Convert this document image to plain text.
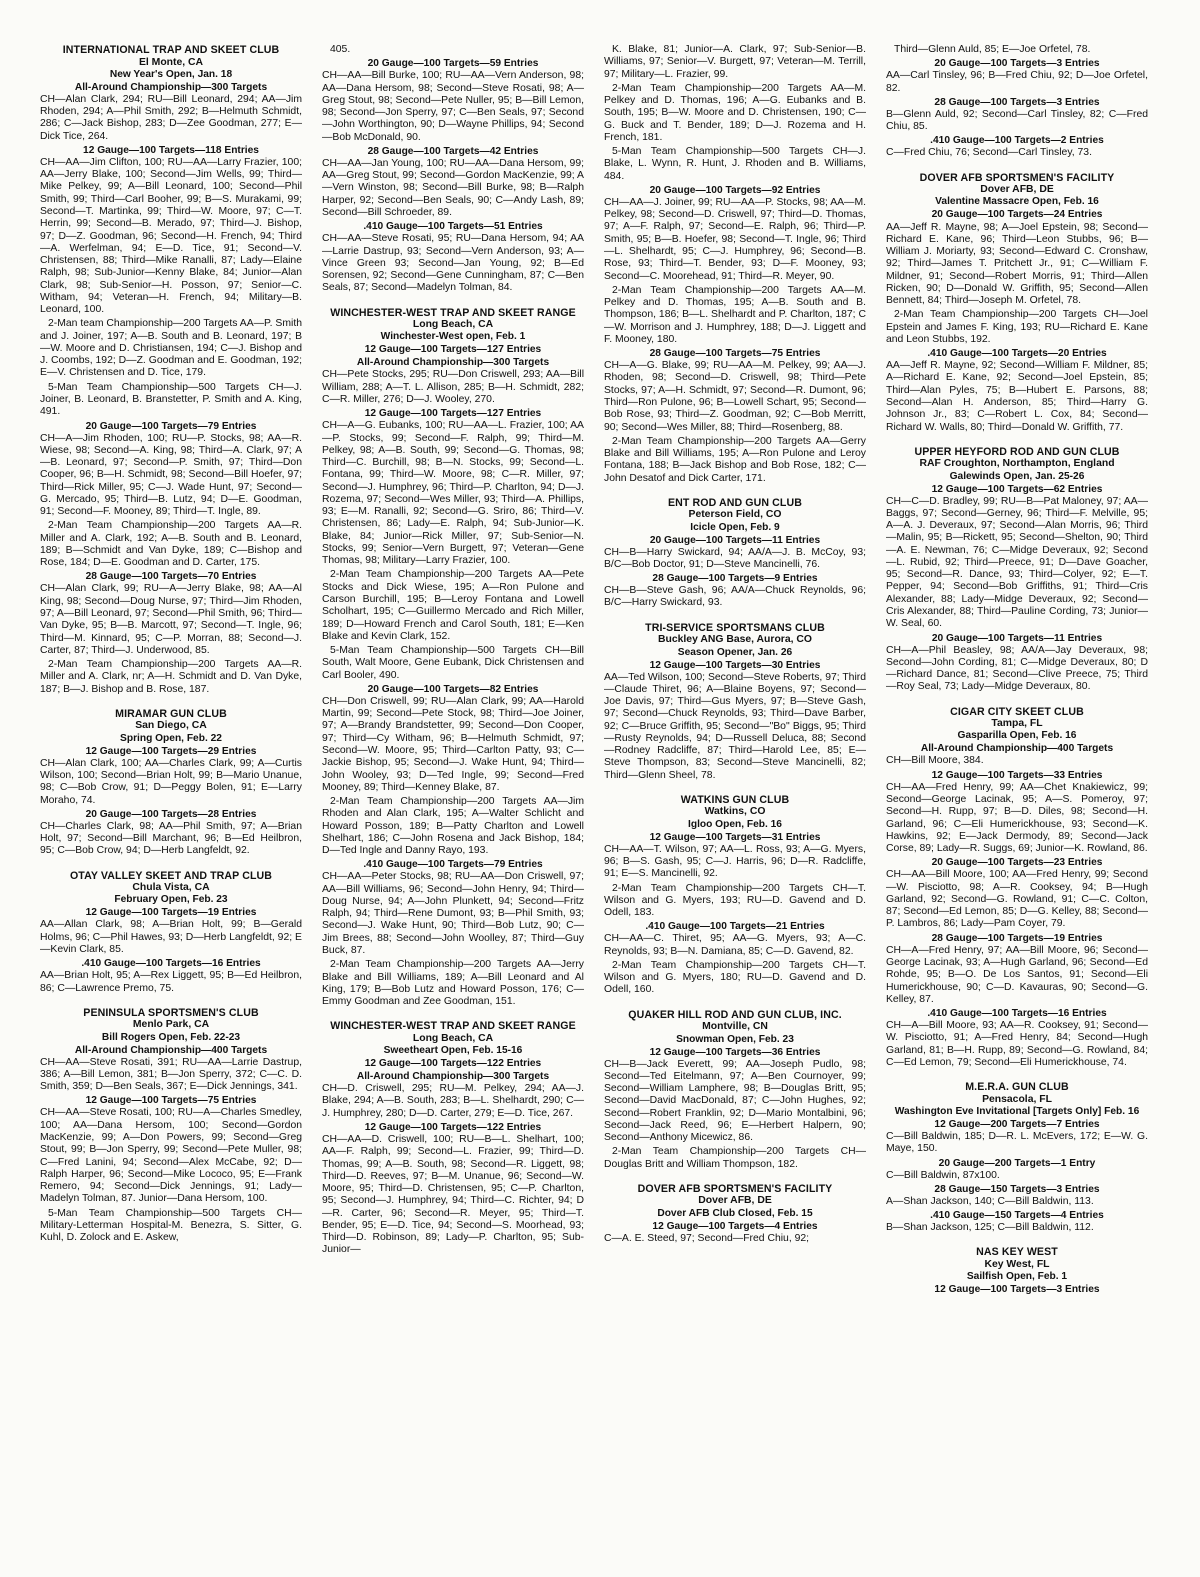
INTERNATIONAL TRAP AND SKEET CLUB
El Monte, CA
New Year's Open, Jan. 18
All-Around Championship—300 Targets
CH—Alan Clark, 294; RU—Bill Leonard, 294; AA—Jim Rhoden, 294; A—Phil Smith, 292; B—Helmuth Schmidt, 286; C—Jack Bishop, 283; D—Zee Goodman, 277; E—Dick Tice, 264.
12 Gauge—100 Targets—118 Entries
CH—AA—Jim Clifton, 100; RU—AA—Larry Frazier, 100; AA—Jerry Blake, 100; Second—Jim Wells, 99; Third—Mike Pelkey, 99; A—Bill Leonard, 100; Second—Phil Smith, 99; Third—Carl Booher, 99; B—S. Murakami, 99; Second—T. Martinka, 99; Third—W. Moore, 97; C—T. Herrin, 99; Second—B. Merado, 97; Third—J. Bishop, 97; D—Z. Goodman, 96; Second—H. French, 94; Third—A. Werfelman, 94; E—D. Tice, 91; Second—V. Christensen, 88; Third—Mike Ranalli, 87; Lady—Elaine Ralph, 98; Sub-Junior—Kenny Blake, 84; Junior—Alan Clark, 98; Sub-Senior—H. Posson, 97; Senior—C. Witham, 94; Veteran—H. French, 94; Military—B. Leonard, 100.
2-Man team Championship—200 Targets AA—P. Smith and J. Joiner, 197; A—B. South and B. Leonard, 197; B—W. Moore and D. Christiansen, 194; C—J. Bishop and J. Coombs, 192; D—Z. Goodman and E. Goodman, 192; E—V. Christensen and D. Tice, 179.
5-Man Team Championship—500 Targets CH—J. Joiner, B. Leonard, B. Branstetter, P. Smith and A. King, 491.
20 Gauge—100 Targets—79 Entries
CH—A—Jim Rhoden, 100; RU—P. Stocks, 98; AA—R. Wiese, 98; Second—A. King, 98; Third—A. Clark, 97; A—B. Leonard, 97; Second—P. Smith, 97; Third—Don Cooper, 96; B—H. Schmidt, 98; Second—Bill Hoefer, 97; Third—Rick Miller, 95; C—J. Wade Hunt, 97; Second—G. Mercado, 95; Third—B. Lutz, 94; D—E. Goodman, 91; Second—F. Mooney, 89; Third—T. Ingle, 89.
2-Man Team Championship—200 Targets AA—R. Miller and A. Clark, 192; A—B. South and B. Leonard, 189; B—Schmidt and Van Dyke, 189; C—Bishop and Rose, 184; D—E. Goodman and D. Carter, 175.
28 Gauge—100 Targets—70 Entries
CH—Alan Clark, 99; RU—A—Jerry Blake, 98; AA—Al King, 98; Second—Doug Nurse, 97; Third—Jim Rhoden, 97; A—Bill Leonard, 97; Second—Phil Smith, 96; Third—Van Dyke, 95; B—B. Marcott, 97; Second—T. Ingle, 96; Third—M. Kinnard, 95; C—P. Morran, 88; Second—J. Carter, 87; Third—J. Underwood, 85.
2-Man Team Championship—200 Targets AA—R. Miller and A. Clark, nr; A—H. Schmidt and D. Van Dyke, 187; B—J. Bishop and B. Rose, 187.
MIRAMAR GUN CLUB
San Diego, CA
Spring Open, Feb. 22
12 Gauge—100 Targets—29 Entries
CH—Alan Clark, 100; AA—Charles Clark, 99; A—Curtis Wilson, 100; Second—Brian Holt, 99; B—Mario Unanue, 98; C—Bob Crow, 91; D—Peggy Bolen, 91; E—Larry Moraho, 74.
20 Gauge—100 Targets—28 Entries
CH—Charles Clark, 98; AA—Phil Smith, 97; A—Brian Holt, 97; Second—Bill Marchant, 96; B—Ed Heilbron, 95; C—Bob Crow, 94; D—Herb Langfeldt, 92.
OTAY VALLEY SKEET AND TRAP CLUB
Chula Vista, CA
February Open, Feb. 23
12 Gauge—100 Targets—19 Entries
AA—Allan Clark, 98; A—Brian Holt, 99; B—Gerald Holms, 96; C—Phil Hawes, 93; D—Herb Langfeldt, 92; E—Kevin Clark, 85.
.410 Gauge—100 Targets—16 Entries
AA—Brian Holt, 95; A—Rex Liggett, 95; B—Ed Heilbron, 86; C—Lawrence Premo, 75.
PENINSULA SPORTSMEN'S CLUB
Menlo Park, CA
Bill Rogers Open, Feb. 22-23
All-Around Championship—400 Targets
CH—AA—Steve Rosati, 391; RU—AA—Larrie Dastrup, 386; A—Bill Lemon, 381; B—Jon Sperry, 372; C—C. D. Smith, 359; D—Ben Seals, 367; E—Dick Jennings, 341.
12 Gauge—100 Targets—75 Entries
CH—AA—Steve Rosati, 100; RU—A—Charles Smedley, 100; AA—Dana Hersom, 100; Second—Gordon MacKenzie, 99; A—Don Powers, 99; Second—Greg Stout, 99; B—Jon Sperry, 99; Second—Pete Muller, 98; C—Fred Lanini, 94; Second—Alex McCabe, 92; D—Ralph Harper, 96; Second—Mike Lococo, 95; E—Frank Remero, 94; Second—Dick Jennings, 91; Lady—Madelyn Tolman, 87. Junior—Dana Hersom, 100.
5-Man Team Championship—500 Targets CH—Military-Letterman Hospital-M. Benezra, S. Sitter, G. Kuhl, D. Zolock and E. Askew,
405.
20 Gauge—100 Targets—59 Entries
CH—AA—Bill Burke, 100; RU—AA—Vern Anderson, 98; AA—Dana Hersom, 98; Second—Steve Rosati, 98; A—Greg Stout, 98; Second—Pete Nuller, 95; B—Bill Lemon, 98; Second—Jon Sperry, 97; C—Ben Seals, 97; Second—John Worthington, 90; D—Wayne Phillips, 94; Second—Bob McDonald, 90.
28 Gauge—100 Targets—42 Entries
CH—AA—Jan Young, 100; RU—AA—Dana Hersom, 99; AA—Greg Stout, 99; Second—Gordon MacKenzie, 99; A—Vern Winston, 98; Second—Bill Burke, 98; B—Ralph Harper, 92; Second—Ben Seals, 90; C—Andy Lash, 89; Second—Bill Schroeder, 89.
.410 Gauge—100 Targets—51 Entries
CH—AA—Steve Rosati, 95; RU—Dana Hersom, 94; AA—Larrie Dastrup, 93; Second—Vern Anderson, 93; A—Vince Green 93; Second—Jan Young, 92; B—Ed Sorensen, 92; Second—Gene Cunningham, 87; C—Ben Seals, 87; Second—Madelyn Tolman, 84.
WINCHESTER-WEST TRAP AND SKEET RANGE
Long Beach, CA
Winchester-West open, Feb. 1
12 Gauge—100 Targets—127 Entries
All-Around Championship—300 Targets
CH—Pete Stocks, 295; RU—Don Criswell, 293; AA—Bill William, 288; A—T. L. Allison, 285; B—H. Schmidt, 282; C—R. Miller, 276; D—J. Wooley, 270.
12 Gauge—100 Targets—127 Entries
CH—A—G. Eubanks, 100; RU—AA—L. Frazier, 100; AA—P. Stocks, 99; Second—F. Ralph, 99; Third—M. Pelkey, 98; A—B. South, 99; Second—G. Thomas, 98; Third—C. Burchill, 98; B—N. Stocks, 99; Second—L. Fontana, 99; Third—W. Moore, 98; C—R. Miller, 97; Second—J. Humphrey, 96; Third—P. Charlton, 94; D—J. Rozema, 97; Second—Wes Miller, 93; Third—A. Phillips, 93; E—M. Ranalli, 92; Second—G. Sriro, 86; Third—V. Christensen, 86; Lady—E. Ralph, 94; Sub-Junior—K. Blake, 84; Junior—Rick Miller, 97; Sub-Senior—N. Stocks, 99; Senior—Vern Burgett, 97; Veteran—Gene Thomas, 98; Military—Larry Frazier, 100.
2-Man Team Championship—200 Targets AA—Pete Stocks and Dick Wiese, 195; A—Ron Pulone and Carson Burchill, 195; B—Leroy Fontana and Lowell Scholhart, 195; C—Guillermo Mercado and Rich Miller, 189; D—Howard French and Carol South, 181; E—Ken Blake and Kevin Clark, 152.
5-Man Team Championship—500 Targets CH—Bill South, Walt Moore, Gene Eubank, Dick Christensen and Carl Booler, 490.
20 Gauge—100 Targets—82 Entries
CH—Don Criswell, 99; RU—Alan Clark, 99; AA—Harold Martin, 99; Second—Pete Stock, 98; Third—Joe Joiner, 97; A—Brandy Brandstetter, 99; Second—Don Cooper, 97; Third—Cy Witham, 96; B—Helmuth Schmidt, 97; Second—W. Moore, 95; Third—Carlton Patty, 93; C—Jackie Bishop, 95; Second—J. Wake Hunt, 94; Third—John Wooley, 93; D—Ted Ingle, 99; Second—Fred Mooney, 89; Third—Kenney Blake, 87.
2-Man Team Championship—200 Targets AA—Jim Rhoden and Alan Clark, 195; A—Walter Schlicht and Howard Posson, 189; B—Patty Charlton and Lowell Shelhart, 186; C—John Rosena and Jack Bishop, 184; D—Ted Ingle and Danny Rayo, 193.
.410 Gauge—100 Targets—79 Entries
CH—AA—Peter Stocks, 98; RU—AA—Don Criswell, 97; AA—Bill Williams, 96; Second—John Henry, 94; Third—Doug Nurse, 94; A—John Plunkett, 94; Second—Fritz Ralph, 94; Third—Rene Dumont, 93; B—Phil Smith, 93; Second—J. Wake Hunt, 90; Third—Bob Lutz, 90; C—Jim Brees, 88; Second—John Woolley, 87; Third—Guy Buck, 87.
2-Man Team Championship—200 Targets AA—Jerry Blake and Bill Williams, 189; A—Bill Leonard and Al King, 179; B—Bob Lutz and Howard Posson, 176; C—Emmy Goodman and Zee Goodman, 151.
WINCHESTER-WEST TRAP AND SKEET RANGE
Long Beach, CA
Sweetheart Open, Feb. 15-16
12 Gauge—100 Targets—122 Entries
All-Around Championship—300 Targets
CH—D. Criswell, 295; RU—M. Pelkey, 294; AA—J. Blake, 294; A—B. South, 283; B—L. Shelhardt, 290; C—J. Humphrey, 280; D—D. Carter, 279; E—D. Tice, 267.
12 Gauge—100 Targets—122 Entries
CH—AA—D. Criswell, 100; RU—B—L. Shelhart, 100; AA—F. Ralph, 99; Second—L. Frazier, 99; Third—D. Thomas, 99; A—B. South, 98; Second—R. Liggett, 98; Third—D. Reeves, 97; B—M. Unanue, 96; Second—W. Moore, 95; Third—D. Christensen, 95; C—P. Charlton, 95; Second—J. Humphrey, 94; Third—C. Richter, 94; D—R. Carter, 96; Second—R. Meyer, 95; Third—T. Bender, 95; E—D. Tice, 94; Second—S. Moorhead, 93; Third—D. Robinson, 89; Lady—P. Charlton, 95; Sub-Junior—
K. Blake, 81; Junior—A. Clark, 97; Sub-Senior—B. Williams, 97; Senior—V. Burgett, 97; Veteran—M. Terrill, 97; Military—L. Frazier, 99.
2-Man Team Championship—200 Targets AA—M. Pelkey and D. Thomas, 196; A—G. Eubanks and B. South, 195; B—W. Moore and D. Christensen, 190; C—G. Buck and T. Bender, 189; D—J. Rozema and H. French, 181.
5-Man Team Championship—500 Targets CH—J. Blake, L. Wynn, R. Hunt, J. Rhoden and B. Williams, 484.
20 Gauge—100 Targets—92 Entries
CH—AA—J. Joiner, 99; RU—AA—P. Stocks, 98; AA—M. Pelkey, 98; Second—D. Criswell, 97; Third—D. Thomas, 97; A—F. Ralph, 97; Second—E. Ralph, 96; Third—P. Smith, 95; B—B. Hoefer, 98; Second—T. Ingle, 96; Third—L. Shelhardt, 95; C—J. Humphrey, 96; Second—B. Rose, 93; Third—T. Bender, 93; D—F. Mooney, 93; Second—C. Moorehead, 91; Third—R. Meyer, 90.
2-Man Team Championship—200 Targets AA—M. Pelkey and D. Thomas, 195; A—B. South and B. Thompson, 186; B—L. Shelhardt and P. Charlton, 187; C—W. Morrison and J. Humphrey, 188; D—J. Liggett and F. Mooney, 180.
28 Gauge—100 Targets—75 Entries
CH—A—G. Blake, 99; RU—AA—M. Pelkey, 99; AA—J. Rhoden, 98; Second—D. Criswell, 98; Third—Pete Stocks, 97; A—H. Schmidt, 97; Second—R. Dumont, 96; Third—Ron Pulone, 96; B—Lowell Schart, 95; Second—Bob Rose, 93; Third—Z. Goodman, 92; C—Bob Merritt, 90; Second—Wes Miller, 88; Third—Rosenberg, 88.
2-Man Team Championship—200 Targets AA—Gerry Blake and Bill Williams, 195; A—Ron Pulone and Leroy Fontana, 188; B—Jack Bishop and Bob Rose, 182; C—John Desatof and Dick Carter, 171.
ENT ROD AND GUN CLUB
Peterson Field, CO
Icicle Open, Feb. 9
20 Gauge—100 Targets—11 Entries
CH—B—Harry Swickard, 94; AA/A—J. B. McCoy, 93; B/C—Bob Doctor, 91; D—Steve Mancinelli, 76.
28 Gauge—100 Targets—9 Entries
CH—B—Steve Gash, 96; AA/A—Chuck Reynolds, 96; B/C—Harry Swickard, 93.
TRI-SERVICE SPORTSMANS CLUB
Buckley ANG Base, Aurora, CO
Season Opener, Jan. 26
12 Gauge—100 Targets—30 Entries
AA—Ted Wilson, 100; Second—Steve Roberts, 97; Third—Claude Thiret, 96; A—Blaine Boyens, 97; Second—Joe Davis, 97; Third—Gus Myers, 97; B—Steve Gash, 97; Second—Chuck Reynolds, 93; Third—Dave Barber, 92; C—Bruce Griffith, 95; Second—"Bo" Biggs, 95; Third—Rusty Reynolds, 94; D—Russell Deluca, 88; Second—Rodney Radcliffe, 87; Third—Harold Lee, 85; E—Steve Thompson, 83; Second—Steve Mancinelli, 82; Third—Glenn Sheel, 78.
WATKINS GUN CLUB
Watkins, CO
Igloo Open, Feb. 16
12 Gauge—100 Targets—31 Entries
CH—AA—T. Wilson, 97; AA—L. Ross, 93; A—G. Myers, 96; B—S. Gash, 95; C—J. Harris, 96; D—R. Radcliffe, 91; E—S. Mancinelli, 92.
2-Man Team Championship—200 Targets CH—T. Wilson and G. Myers, 193; RU—D. Gavend and D. Odell, 183.
.410 Gauge—100 Targets—21 Entries
CH—AA—C. Thiret, 95; AA—G. Myers, 93; A—C. Reynolds, 93; B—N. Damiana, 85; C—D. Gavend, 82.
2-Man Team Championship—200 Targets CH—T. Wilson and G. Myers, 180; RU—D. Gavend and D. Odell, 160.
QUAKER HILL ROD AND GUN CLUB, INC.
Montville, CN
Snowman Open, Feb. 23
12 Gauge—100 Targets—36 Entries
CH—B—Jack Everett, 99; AA—Joseph Pudlo, 98; Second—Ted Eitelmann, 97; A—Ben Cournoyer, 99; Second—William Lamphere, 98; B—Douglas Britt, 95; Second—David MacDonald, 87; C—John Hughes, 92; Second—Robert Franklin, 92; D—Mario Montalbini, 96; Second—Jack Reed, 96; E—Herbert Halpern, 90; Second—Anthony Micewicz, 86.
2-Man Team Championship—200 Targets CH—Douglas Britt and William Thompson, 182.
DOVER AFB SPORTSMEN'S FACILITY
Dover AFB, DE
Dover AFB Club Closed, Feb. 15
12 Gauge—100 Targets—4 Entries
C—A. E. Steed, 97; Second—Fred Chiu, 92;
Third—Glenn Auld, 85; E—Joe Orfetel, 78.
20 Gauge—100 Targets—3 Entries
AA—Carl Tinsley, 96; B—Fred Chiu, 92; D—Joe Orfetel, 82.
28 Gauge—100 Targets—3 Entries
B—Glenn Auld, 92; Second—Carl Tinsley, 82; C—Fred Chiu, 85.
.410 Gauge—100 Targets—2 Entries
C—Fred Chiu, 76; Second—Carl Tinsley, 73.
DOVER AFB SPORTSMEN'S FACILITY
Dover AFB, DE
Valentine Massacre Open, Feb. 16
20 Gauge—100 Targets—24 Entries
AA—Jeff R. Mayne, 98; A—Joel Epstein, 98; Second—Richard E. Kane, 96; Third—Leon Stubbs, 96; B—William J. Moriarty, 93; Second—Edward C. Cronshaw, 92; Third—James T. Pritchett Jr., 91; C—William F. Mildner, 91; Second—Robert Morris, 91; Third—Allen Ricken, 90; D—Donald W. Griffith, 95; Second—Allen Bennett, 84; Third—Joseph M. Orfetel, 78.
2-Man Team Championship—200 Targets CH—Joel Epstein and James F. King, 193; RU—Richard E. Kane and Leon Stubbs, 192.
.410 Gauge—100 Targets—20 Entries
AA—Jeff R. Mayne, 92; Second—William F. Mildner, 85; A—Richard E. Kane, 92; Second—Joel Epstein, 85; Third—Alan Pyles, 75; B—Hubert E. Parsons, 88; Second—Alan H. Anderson, 85; Third—Harry G. Johnson Jr., 83; C—Robert L. Cox, 84; Second—Richard W. Walls, 80; Third—Donald W. Griffith, 77.
UPPER HEYFORD ROD AND GUN CLUB
RAF Croughton, Northampton, England
Galewinds Open, Jan. 25-26
12 Gauge—100 Targets—62 Entries
CH—C—D. Bradley, 99; RU—B—Pat Maloney, 97; AA—Baggs, 97; Second—Gerney, 96; Third—F. Melville, 95; A—A. J. Deveraux, 97; Second—Alan Morris, 96; Third—Malin, 95; B—Rickett, 95; Second—Shelton, 90; Third—A. E. Newman, 76; C—Midge Deveraux, 92; Second—L. Rubid, 92; Third—Preece, 91; D—Dave Goacher, 95; Second—R. Dance, 93; Third—Colyer, 92; E—T. Pepper, 94; Second—Bob Griffiths, 91; Third—Cris Alexander, 88; Lady—Midge Deveraux, 92; Second—Cris Alexander, 88; Third—Pauline Cording, 73; Junior—W. Seal, 60.
20 Gauge—100 Targets—11 Entries
CH—A—Phil Beasley, 98; AA/A—Jay Deveraux, 98; Second—John Cording, 81; C—Midge Deveraux, 80; D—Richard Dance, 81; Second—Clive Preece, 75; Third—Roy Seal, 73; Lady—Midge Deveraux, 80.
CIGAR CITY SKEET CLUB
Tampa, FL
Gasparilla Open, Feb. 16
All-Around Championship—400 Targets
CH—Bill Moore, 384.
12 Gauge—100 Targets—33 Entries
CH—AA—Fred Henry, 99; AA—Chet Knakiewicz, 99; Second—George Lacinak, 95; A—S. Pomeroy, 97; Second—H. Rupp, 97; B—D. Diles, 98; Second—H. Garland, 96; C—Eli Humerickhouse, 93; Second—K. Hawkins, 92; E—Jack Dermody, 89; Second—Jack Corse, 89; Lady—R. Suggs, 69; Junior—K. Rowland, 86.
20 Gauge—100 Targets—23 Entries
CH—AA—Bill Moore, 100; AA—Fred Henry, 99; Second—W. Pisciotto, 98; A—R. Cooksey, 94; B—Hugh Garland, 92; Second—G. Rowland, 91; C—C. Colton, 87; Second—Ed Lemon, 85; D—G. Kelley, 88; Second—P. Lambros, 86; Lady—Pam Coyer, 79.
28 Gauge—100 Targets—19 Entries
CH—A—Fred Henry, 97; AA—Bill Moore, 96; Second—George Lacinak, 93; A—Hugh Garland, 96; Second—Ed Rohde, 95; B—O. De Los Santos, 91; Second—Eli Humerickhouse, 90; C—D. Kavauras, 90; Second—G. Kelley, 87.
.410 Gauge—100 Targets—16 Entries
CH—A—Bill Moore, 93; AA—R. Cooksey, 91; Second—W. Pisciotto, 91; A—Fred Henry, 84; Second—Hugh Garland, 81; B—H. Rupp, 89; Second—G. Rowland, 84; C—Ed Lemon, 79; Second—Eli Humerickhouse, 74.
M.E.R.A. GUN CLUB
Pensacola, FL
Washington Eve Invitational [Targets Only] Feb. 16
12 Gauge—200 Targets—7 Entries
C—Bill Baldwin, 185; D—R. L. McEvers, 172; E—W. G. Maye, 150.
20 Gauge—200 Targets—1 Entry
C—Bill Baldwin, 87x100.
28 Gauge—150 Targets—3 Entries
A—Shan Jackson, 140; C—Bill Baldwin, 113.
.410 Gauge—150 Targets—4 Entries
B—Shan Jackson, 125; C—Bill Baldwin, 112.
NAS KEY WEST
Key West, FL
Sailfish Open, Feb. 1
12 Gauge—100 Targets—3 Entries
